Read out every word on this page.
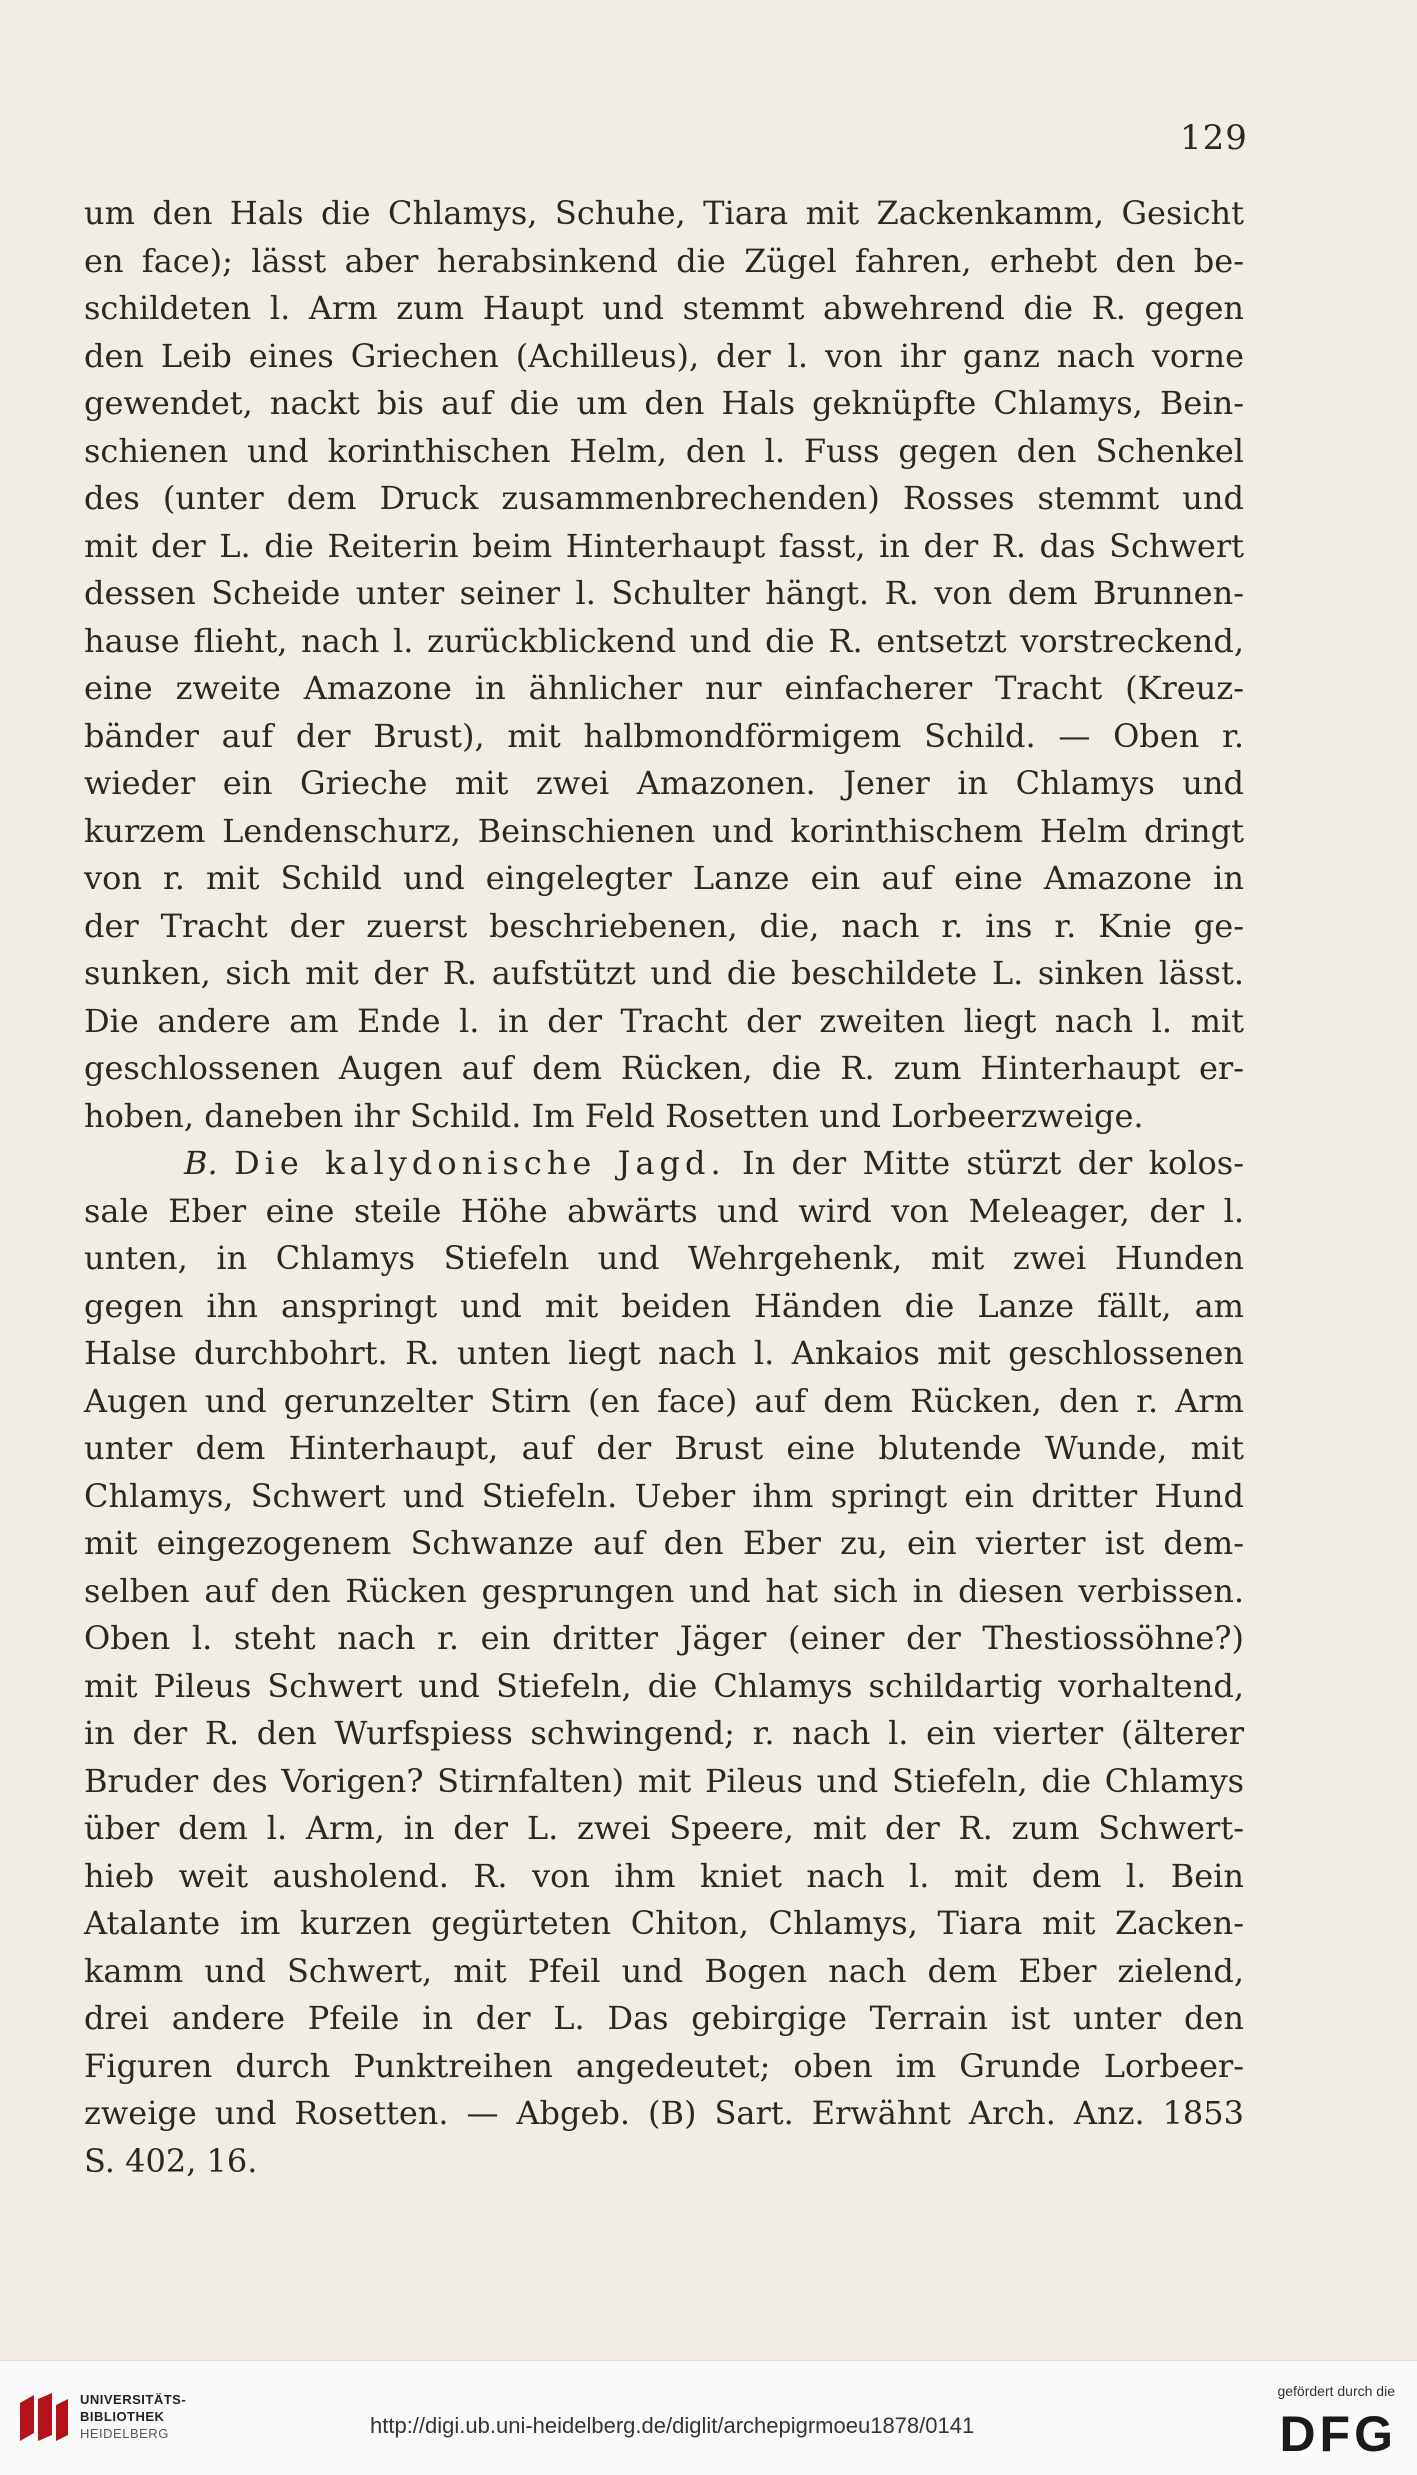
129
um den Hals die Chlamys, Schuhe, Tiara mit Zackenkamm, Gesicht
en face); lässt aber herabsinkend die Zügel fahren, erhebt den be-
schildeten l. Arm zum Haupt und stemmt abwehrend die R. gegen
den Leib eines Griechen (Achilleus), der l. von ihr ganz nach vorne
gewendet, nackt bis auf die um den Hals geknüpfte Chlamys, Bein-
schienen und korinthischen Helm, den l. Fuss gegen den Schenkel
des (unter dem Druck zusammenbrechenden) Rosses stemmt und
mit der L. die Reiterin beim Hinterhaupt fasst, in der R. das Schwert
dessen Scheide unter seiner l. Schulter hängt. R. von dem Brunnen-
hause flieht, nach l. zurückblickend und die R. entsetzt vorstreckend,
eine zweite Amazone in ähnlicher nur einfacherer Tracht (Kreuz-
bänder auf der Brust), mit halbmondförmigem Schild. — Oben r.
wieder ein Grieche mit zwei Amazonen. Jener in Chlamys und
kurzem Lendenschurz, Beinschienen und korinthischem Helm dringt
von r. mit Schild und eingelegter Lanze ein auf eine Amazone in
der Tracht der zuerst beschriebenen, die, nach r. ins r. Knie ge-
sunken, sich mit der R. aufstützt und die beschildete L. sinken lässt.
Die andere am Ende l. in der Tracht der zweiten liegt nach l. mit
geschlossenen Augen auf dem Rücken, die R. zum Hinterhaupt er-
hoben, daneben ihr Schild. Im Feld Rosetten und Lorbeerzweige.
B. Die kalydonische Jagd. In der Mitte stürzt der kolos-
sale Eber eine steile Höhe abwärts und wird von Meleager, der l.
unten, in Chlamys Stiefeln und Wehrgehenk, mit zwei Hunden
gegen ihn anspringt und mit beiden Händen die Lanze fällt, am
Halse durchbohrt. R. unten liegt nach l. Ankaios mit geschlossenen
Augen und gerunzelter Stirn (en face) auf dem Rücken, den r. Arm
unter dem Hinterhaupt, auf der Brust eine blutende Wunde, mit
Chlamys, Schwert und Stiefeln. Ueber ihm springt ein dritter Hund
mit eingezogenem Schwanze auf den Eber zu, ein vierter ist dem-
selben auf den Rücken gesprungen und hat sich in diesen verbissen.
Oben l. steht nach r. ein dritter Jäger (einer der Thestiossöhne?)
mit Pileus Schwert und Stiefeln, die Chlamys schildartig vorhaltend,
in der R. den Wurfspiess schwingend; r. nach l. ein vierter (älterer
Bruder des Vorigen? Stirnfalten) mit Pileus und Stiefeln, die Chlamys
über dem l. Arm, in der L. zwei Speere, mit der R. zum Schwert-
hieb weit ausholend. R. von ihm kniet nach l. mit dem l. Bein
Atalante im kurzen gegürteten Chiton, Chlamys, Tiara mit Zacken-
kamm und Schwert, mit Pfeil und Bogen nach dem Eber zielend,
drei andere Pfeile in der L. Das gebirgige Terrain ist unter den
Figuren durch Punktreihen angedeutet; oben im Grunde Lorbeer-
zweige und Rosetten. — Abgeb. (B) Sart. Erwähnt Arch. Anz. 1853
S. 402, 16.
UNIVERSITÄTS-
BIBLIOTHEK
HEIDELBERG	http://digi.ub.uni-heidelberg.de/diglit/archepigrmoeu1878/0141
gefördert durch die
DFG
